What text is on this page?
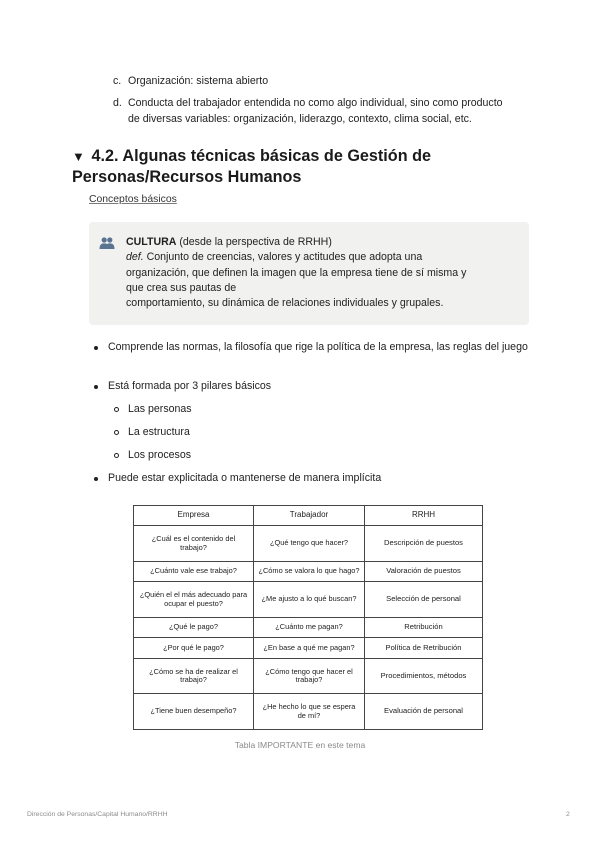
c. Organización: sistema abierto
d. Conducta del trabajador entendida no como algo individual, sino como producto de diversas variables: organización, liderazgo, contexto, clima social, etc.
▼ 4.2. Algunas técnicas básicas de Gestión de Personas/Recursos Humanos
Conceptos básicos
CULTURA (desde la perspectiva de RRHH)
def. Conjunto de creencias, valores y actitudes que adopta una
organización, que definen la imagen que la empresa tiene de sí misma y
que crea sus pautas de
comportamiento, su dinámica de relaciones individuales y grupales.
Comprende las normas, la filosofía que rige la política de la empresa, las reglas del juego
Está formada por 3 pilares básicos
Las personas
La estructura
Los procesos
Puede estar explicitada o mantenerse de manera implícita
Empresa	Trabajador	RRHH
¿Cuál es el contenido del trabajo?	¿Qué tengo que hacer?	Descripción de puestos
¿Cuánto vale ese trabajo?	¿Cómo se valora lo que hago?	Valoración de puestos
¿Quién el el más adecuado para ocupar el puesto?	¿Me ajusto a lo qué buscan?	Selección de personal
¿Qué le pago?	¿Cuánto me pagan?	Retribución
¿Por qué le pago?	¿En base a qué me pagan?	Política de Retribución
¿Cómo se ha de realizar el trabajo?	¿Cómo tengo que hacer el trabajo?	Procedimientos, métodos
¿Tiene buen desempeño?	¿He hecho lo que se espera de mí?	Evaluación de personal
Tabla IMPORTANTE en este tema
Dirección de Personas/Capital Humano/RRHH	2
